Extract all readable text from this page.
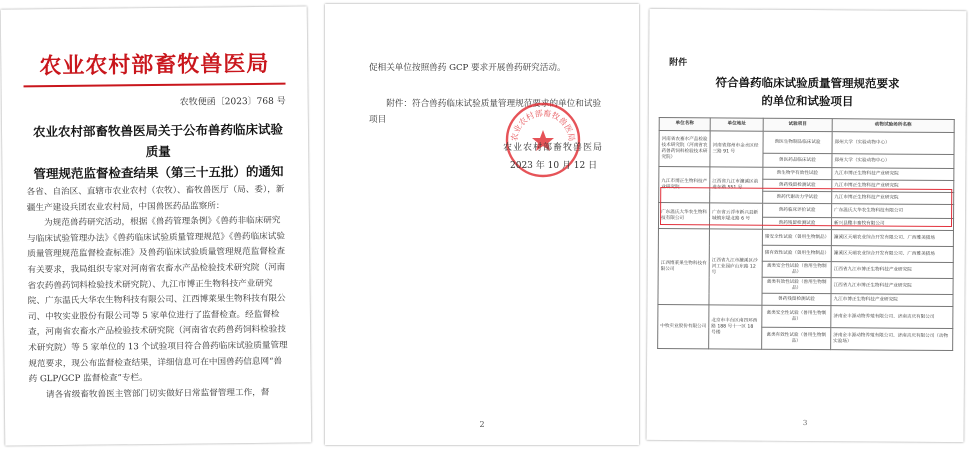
农业农村部畜牧兽医局
农牧便函〔2023〕768 号
农业农村部畜牧兽医局关于公布兽药临床试验质量
管理规范监督检查结果（第三十五批）的通知

各省、自治区、直辖市农业农村（农牧）、畜牧兽医厅（局、委），新疆生产建设兵团农业农村局，中国兽医药品监察所：

为规范兽药研究活动，根据《兽药管理条例》《兽药非临床研究与临床试验管理办法》《兽药临床试验质量管理规范》《兽药临床试验质量管理规范监督检查标准》及兽药临床试验质量管理规范监督检查有关要求，我局组织专家对河南省农畜水产品检验技术研究院（河南省农药兽药饲料检验技术研究院）、九江市博正生物科技产业研究院、广东温氏大华农生物科技有限公司、江西博莱果生物科技有限公司、中牧实业股份有限公司等 5 家单位进行了监督检查。经监督检查，河南省农畜水产品检验技术研究院（河南省农药兽药饲料检验技术研究院）等 5 家单位的 13 个试验项目符合兽药临床试验质量管理规范要求，现公布监督检查结果，详细信息可在中国兽药信息网“兽药 GLP/GCP 监督检查”专栏。

请各省级畜牧兽医主管部门切实做好日常监督管理工作，督

促相关单位按照兽药 GCP 要求开展兽药研究活动。
附件：符合兽药临床试验质量管理规范要求的单位和试验
项目
农业农村部畜牧兽医局
农业农村部畜牧兽医局
2023 年 10 月 12 日
2
附件
符合兽药临床试验质量管理规范要求
的单位和试验项目
单位名称	单位地址	试验项目	动物试验场所名称
河南省农畜水产品检验技术研究院（河南省农药兽药饲料检验技术研究院）	河南省郑州市金水区经三路 91 号	兽医生物制品临床试验	郑州大学（实验动物中心）
		兽医药品临床试验	郑州大学（实验动物中心）
九江市博正生物科技产业研究院	江西省九江市濂溪区前进东路 551 号	兽生物学有效性试验	九江市博正生物科技产业研究院
		兽药残留检测试验	九江市博正生物科技产业研究院
		兽药代谢动力学试验	九江市博正生物科技产业研究院
广东温氏大华农生物科技有限公司	广东省云浮市新兴县新城镇东堤北路 6 号	兽药临床评价试验	广东温氏大华农生物科技有限公司
		兽药残留检测试验	新兴县穗丰畜牧有限公司
江西博莱果生物科技有限公司	江西省九江市濂溪区沙河工业园庐山东路 12 号	猪安全性试验（兽用生物制品）	濂溪区天瑞农业综合开发有限公司、广西雅美猪场
		猪有效性试验（兽用生物制品）	濂溪区天瑞农业综合开发有限公司、广西雅美猪场
		禽类安全性试验（兽用生物制品）	江西省九江市博正生物科技产业研究院
		禽类有效性试验（兽用生物制品）	江西省九江市博正生物科技产业研究院
		兽药残留检测试验	九江市博正生物科技产业研究院
中牧实业股份有限公司	北京市丰台区南四环西路 188 号十一区 18 号楼	禽类安全性试验（兽用生物制品）	济南金丰源动物养殖有限公司、济南吉庆有限公司
		禽类有效性试验（兽用生物制品）	济南金丰源动物养殖有限公司、济南吉庆有限公司（动物实验场）
3
